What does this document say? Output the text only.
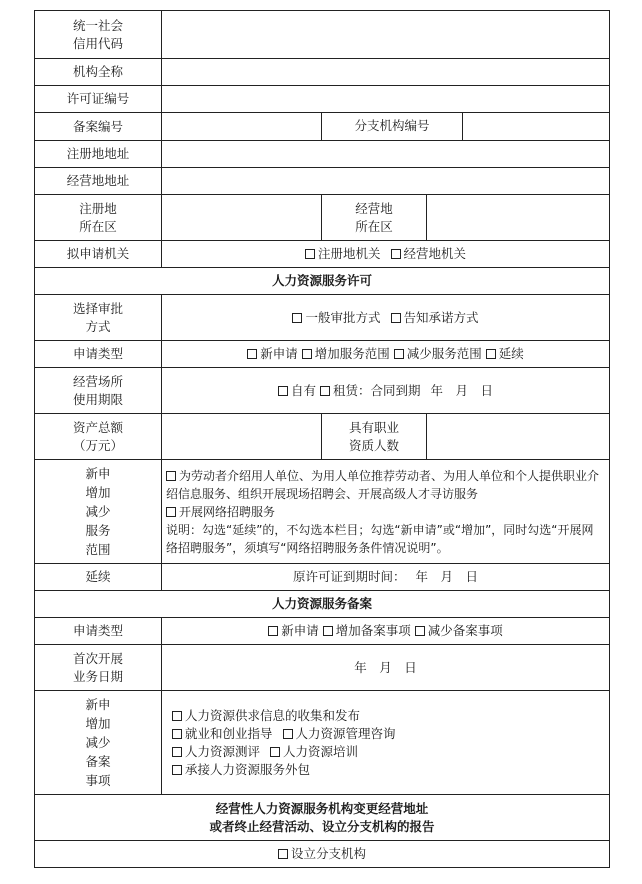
统一社会
信用代码			
机构全称			
许可证编号			
备案编号		分支机构编号	
注册地地址			
经营地地址			
注册地
所在区		经营地
所在区	
拟申请机关	注册地机关 经营地机关		
人力资源服务许可			
选择审批
方式	一般审批方式 告知承诺方式		
申请类型	新申请 增加服务范围 减少服务范围 延续		
经营场所
使用期限	自有 租赁：合同到期 年　月　日		
资产总额
（万元）		具有职业
资质人数	

新申
增加
减少
服务
范围	为劳动者介绍用人单位、为用人单位推荐劳动者、为用人单位和个人提供职业介绍信息服务、组织开展现场招聘会、开展高级人才寻访服务
开展网络招聘服务
说明：勾选“延续”的，不勾选本栏目；勾选“新申请”或“增加”，同时勾选“开展网络招聘服务”，须填写“网络招聘服务条件情况说明”。		

延续	原许可证到期时间： 年　月　日		
人力资源服务备案			
申请类型	新申请 增加备案事项 减少备案事项		
首次开展
业务日期	年　月　日		

新申
增加
减少
备案
事项	人力资源供求信息的收集和发布
就业和创业指导 人力资源管理咨询
人力资源测评 人力资源培训
承接人力资源服务外包		

经营性人力资源服务机构变更经营地址
或者终止经营活动、设立分支机构的报告			

设立分支机构			
